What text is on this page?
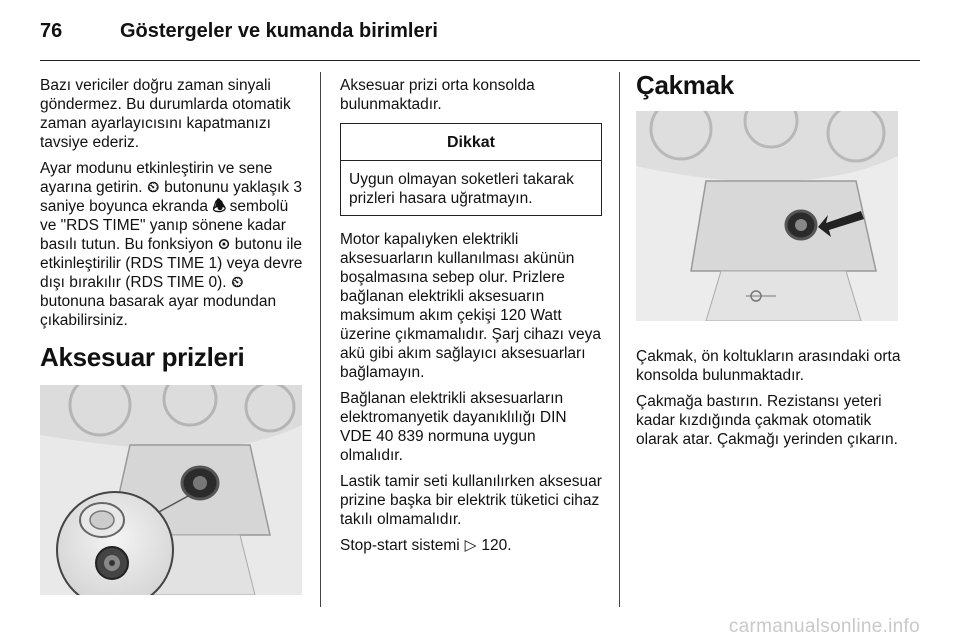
76	Göstergeler ve kumanda birimleri

Bazı vericiler doğru zaman sinyali göndermez. Bu durumlarda otomatik zaman ayarlayıcısını kapatmanızı tavsiye ederiz.

Ayar modunu etkinleştirin ve sene ayarına getirin. ⏲ butonunu yaklaşık 3 saniye boyunca ekranda 🕭 sembolü ve "RDS TIME" yanıp sönene kadar basılı tutun. Bu fonksiyon ⊙ butonu ile etkinleştirilir (RDS TIME 1) veya devre dışı bırakılır (RDS TIME 0). ⏲ butonuna basarak ayar modundan çıkabilirsiniz.

Aksesuar prizleri

Aksesuar prizi orta konsolda bulunmaktadır.

Dikkat
Uygun olmayan soketleri takarak prizleri hasara uğratmayın.

Motor kapalıyken elektrikli aksesuarların kullanılması akünün boşalmasına sebep olur. Prizlere bağlanan elektrikli aksesuarın maksimum akım çekişi 120 Watt üzerine çıkmamalıdır. Şarj cihazı veya akü gibi akım sağlayıcı aksesuarları bağlamayın.

Bağlanan elektrikli aksesuarların elektromanyetik dayanıklılığı DIN VDE 40 839 normuna uygun olmalıdır.

Lastik tamir seti kullanılırken aksesuar prizine başka bir elektrik tüketici cihaz takılı olmamalıdır.

Stop-start sistemi ▷ 120.

Çakmak

Çakmak, ön koltukların arasındaki orta konsolda bulunmaktadır.

Çakmağa bastırın. Rezistansı yeteri kadar kızdığında çakmak otomatik olarak atar. Çakmağı yerinden çıkarın.

carmanualsonline.info
